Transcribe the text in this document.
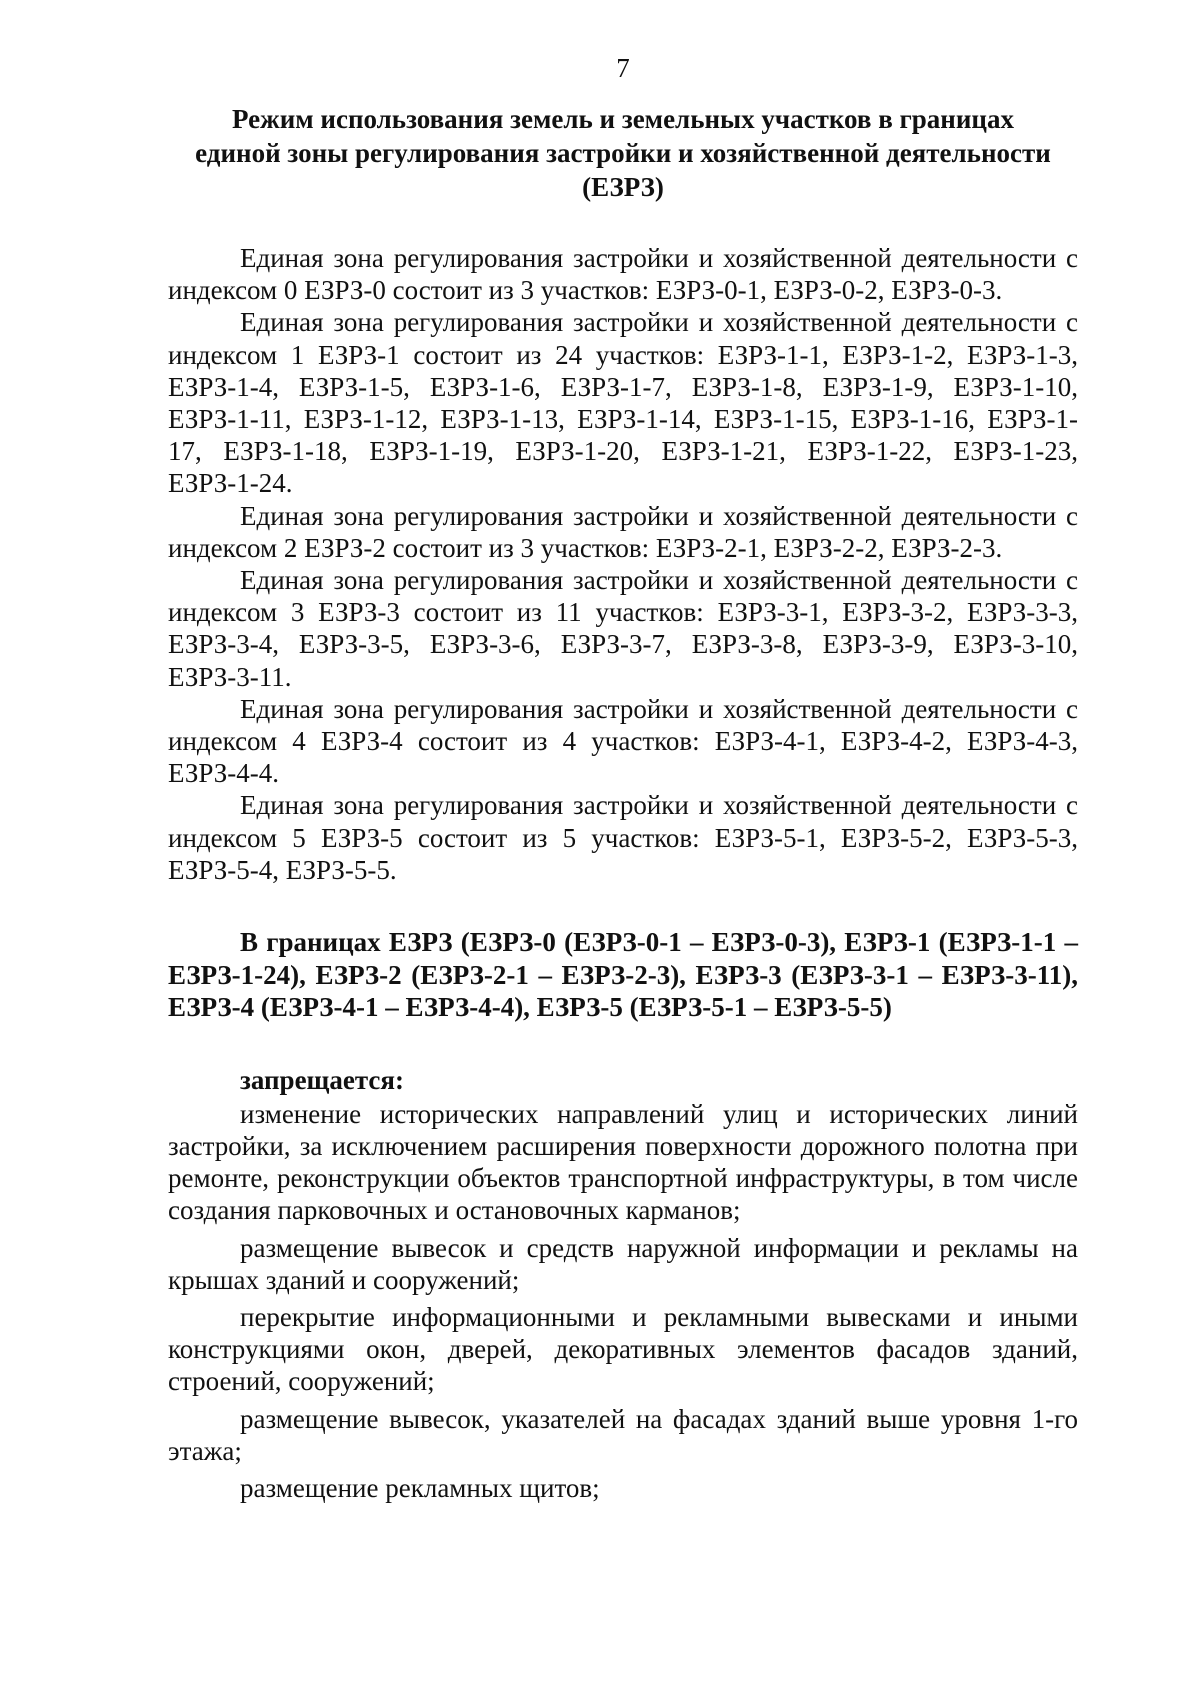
7
Режим использования земель и земельных участков в границах
единой зоны регулирования застройки и хозяйственной деятельности
(ЕЗРЗ)

Единая зона регулирования застройки и хозяйственной деятельности с индексом 0 ЕЗРЗ-0 состоит из 3 участков: ЕЗРЗ-0-1, ЕЗРЗ-0-2, ЕЗРЗ-0-3.

Единая зона регулирования застройки и хозяйственной деятельности с индексом 1 ЕЗРЗ-1 состоит из 24 участков: ЕЗРЗ-1-1, ЕЗРЗ-1-2, ЕЗРЗ-1-3, ЕЗРЗ-1-4, ЕЗРЗ-1-5, ЕЗРЗ-1-6, ЕЗРЗ-1-7, ЕЗРЗ-1-8, ЕЗРЗ-1-9, ЕЗРЗ-1-10, ЕЗРЗ-1-11, ЕЗРЗ-1-12, ЕЗРЗ-1-13, ЕЗРЗ-1-14, ЕЗРЗ-1-15, ЕЗРЗ-1-16, ЕЗРЗ-1-17, ЕЗРЗ-1-18, ЕЗРЗ-1-19, ЕЗРЗ-1-20, ЕЗРЗ-1-21, ЕЗРЗ-1-22, ЕЗРЗ-1-23, ЕЗРЗ-1-24.

Единая зона регулирования застройки и хозяйственной деятельности с индексом 2 ЕЗРЗ-2 состоит из 3 участков: ЕЗРЗ-2-1, ЕЗРЗ-2-2, ЕЗРЗ-2-3.

Единая зона регулирования застройки и хозяйственной деятельности с индексом 3 ЕЗРЗ-3 состоит из 11 участков: ЕЗРЗ-3-1, ЕЗРЗ-3-2, ЕЗРЗ-3-3, ЕЗРЗ-3-4, ЕЗРЗ-3-5, ЕЗРЗ-3-6, ЕЗРЗ-3-7, ЕЗРЗ-3-8, ЕЗРЗ-3-9, ЕЗРЗ-3-10, ЕЗРЗ-3-11.

Единая зона регулирования застройки и хозяйственной деятельности с индексом 4 ЕЗРЗ-4 состоит из 4 участков: ЕЗРЗ-4-1, ЕЗРЗ-4-2, ЕЗРЗ-4-3, ЕЗРЗ-4-4.

Единая зона регулирования застройки и хозяйственной деятельности с индексом 5 ЕЗРЗ-5 состоит из 5 участков: ЕЗРЗ-5-1, ЕЗРЗ-5-2, ЕЗРЗ-5-3, ЕЗРЗ-5-4, ЕЗРЗ-5-5.

В границах ЕЗРЗ (ЕЗРЗ-0 (ЕЗРЗ-0-1 – ЕЗРЗ-0-3), ЕЗРЗ-1 (ЕЗРЗ-1-1 – ЕЗРЗ-1-24), ЕЗРЗ-2 (ЕЗРЗ-2-1 – ЕЗРЗ-2-3), ЕЗРЗ-3 (ЕЗРЗ-3-1 – ЕЗРЗ-3-11), ЕЗРЗ-4 (ЕЗРЗ-4-1 – ЕЗРЗ-4-4), ЕЗРЗ-5 (ЕЗРЗ-5-1 – ЕЗРЗ-5-5)

запрещается:

изменение исторических направлений улиц и исторических линий застройки, за исключением расширения поверхности дорожного полотна при ремонте, реконструкции объектов транспортной инфраструктуры, в том числе создания парковочных и остановочных карманов;

размещение вывесок и средств наружной информации и рекламы на крышах зданий и сооружений;

перекрытие информационными и рекламными вывесками и иными конструкциями окон, дверей, декоративных элементов фасадов зданий, строений, сооружений;

размещение вывесок, указателей на фасадах зданий выше уровня 1-го этажа;

размещение рекламных щитов;
